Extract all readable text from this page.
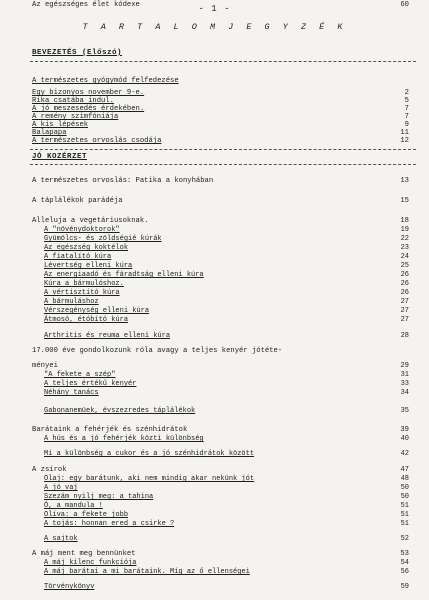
- 1 -
T A R T A L O M J E G Y Z É K
BEVEZETÉS (Előszó)
A természetes gyógymód felfedezése
Egy bizonyos november 9-e.	2
Rika csatába indul.	5
A jó meszesedés érdekében.	7
A remény szimfóniája	7
A kis lépések	9
Balapapa	11
A természetes orvoslás csodája	12
JÓ KOZÉRZET
A természetes orvoslás: Patika a konyhában	13
A táplálékok parádéja	15
Alleluja a vegetáriusoknak.	18
A "növénydoktorok"	19
Gyümölcs- és zöldségié kúrák	22
Az egészség koktélok	23
A fiatalító kúra	24
Lévertség elleni kúra	25
Az energiaadó és fáradtság elleni kúra	26
Kúra a bármulóshoz.	26
A vértisztító kúra	26
A bármuláshoz	27
Vérszegénység elleni kúra	27
Átmosó, étóbító kúra	27
Arthritis és reuma elleni kúra	28
17.000 éve gondolkozunk róla avagy a teljes kenyér jótéte-
ményei	29
"A fekete a szép"	31
A teljes értékű kenyér	33
Néhány tanács	34
Gabonanemüek, évszezredes táplálékok	35
Barátaink a fehérjék és szénhidrátok	39
A hús és a jó fehérjék közti különbség	40
Mi a különbség a cukor és a jó szénhidrátok között	42
A zsírok	47
Olaj: egy barátunk, aki nem mindig akar nekünk jót	48
A jó vaj	50
Szezám nyilj meg: a tahina	50
Ó, a mandula !	51
Olíva: a fekete jobb	51
A tojás: honnan ered a csirke ?	51
A sajtok	52
A máj ment meg bennünket	53
A máj kilenc funkciója	54
A máj barátai a mi barátaink. Míg az ő ellenségei	56
Törvénykönyv	59
Az egészséges élet kódexe	60
